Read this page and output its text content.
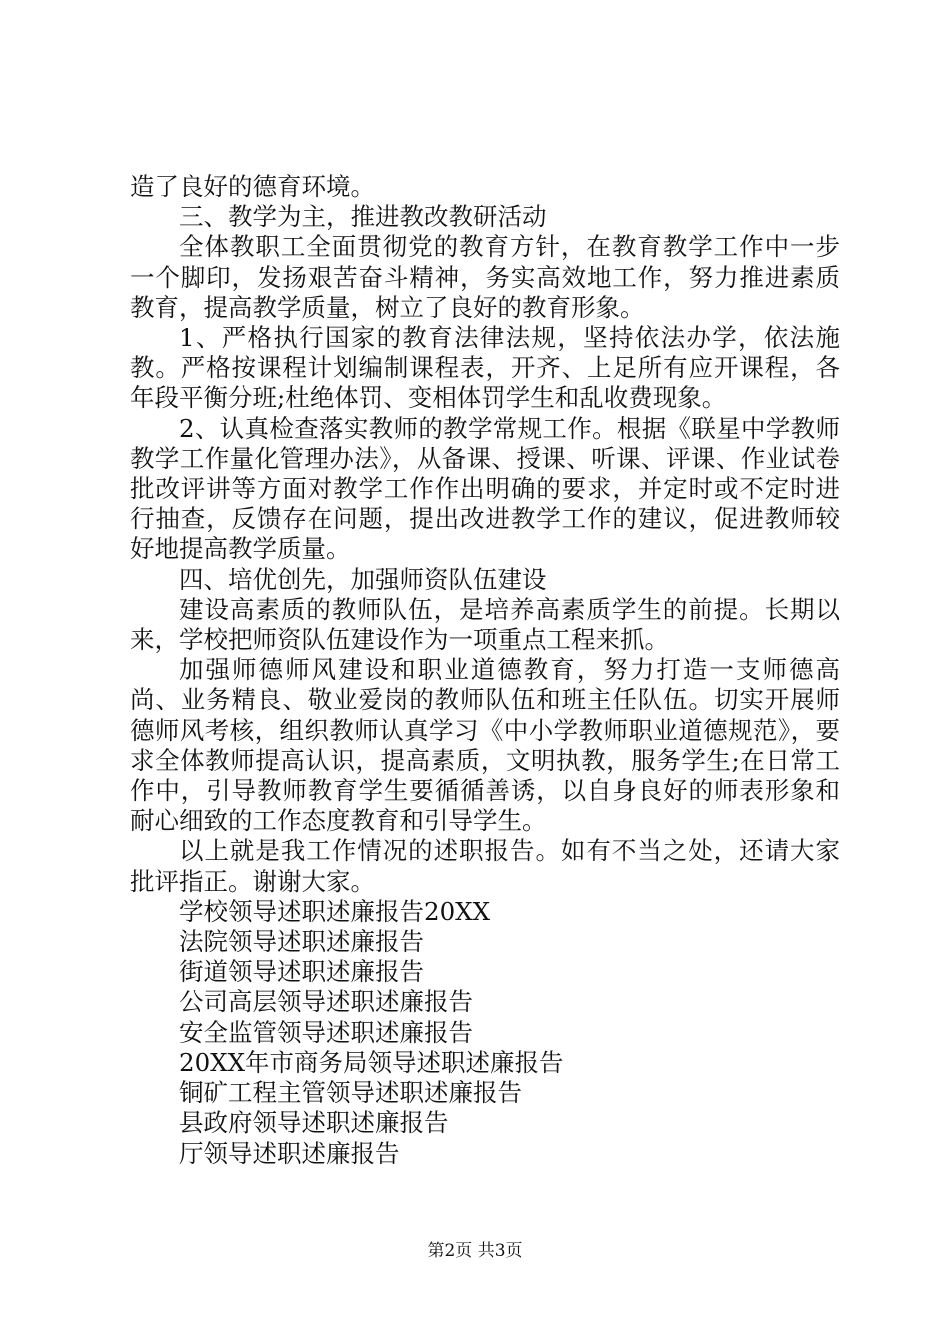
造了良好的德育环境。

三、教学为主，推进教改教研活动

全体教职工全面贯彻党的教育方针，在教育教学工作中一步一个脚印，发扬艰苦奋斗精神，务实高效地工作，努力推进素质教育，提高教学质量，树立了良好的教育形象。

1、严格执行国家的教育法律法规，坚持依法办学，依法施教。严格按课程计划编制课程表，开齐、上足所有应开课程，各年段平衡分班;杜绝体罚、变相体罚学生和乱收费现象。

2、认真检查落实教师的教学常规工作。根据《联星中学教师教学工作量化管理办法》，从备课、授课、听课、评课、作业试卷批改评讲等方面对教学工作作出明确的要求，并定时或不定时进行抽查，反馈存在问题，提出改进教学工作的建议，促进教师较好地提高教学质量。

四、培优创先，加强师资队伍建设

建设高素质的教师队伍，是培养高素质学生的前提。长期以来，学校把师资队伍建设作为一项重点工程来抓。

加强师德师风建设和职业道德教育，努力打造一支师德高尚、业务精良、敬业爱岗的教师队伍和班主任队伍。切实开展师德师风考核，组织教师认真学习《中小学教师职业道德规范》，要求全体教师提高认识，提高素质，文明执教，服务学生;在日常工作中，引导教师教育学生要循循善诱，以自身良好的师表形象和耐心细致的工作态度教育和引导学生。

以上就是我工作情况的述职报告。如有不当之处，还请大家批评指正。谢谢大家。

学校领导述职述廉报告20XX
法院领导述职述廉报告
街道领导述职述廉报告
公司高层领导述职述廉报告
安全监管领导述职述廉报告
20XX年市商务局领导述职述廉报告
铜矿工程主管领导述职述廉报告
县政府领导述职述廉报告
厅领导述职述廉报告
第2页 共3页
